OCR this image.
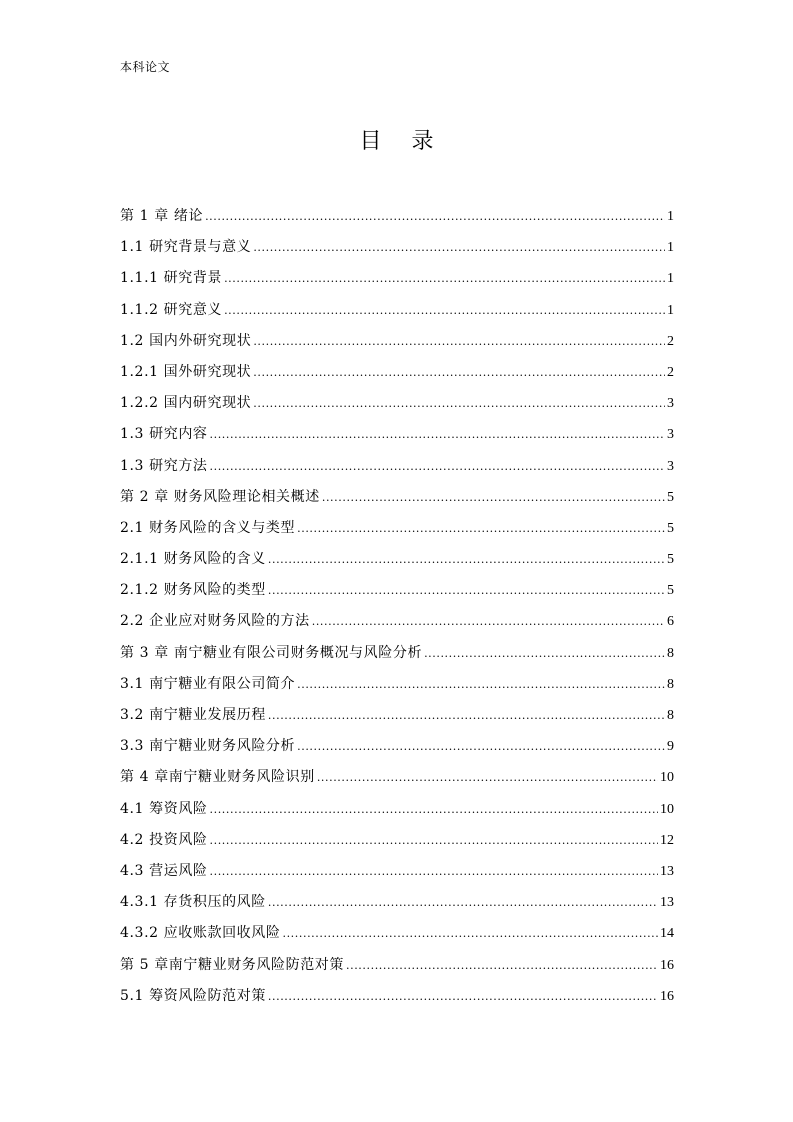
本科论文
目录
第 1 章 绪论 .....	1
1.1 研究背景与意义 .....	1
1.1.1 研究背景 .....	1
1.1.2 研究意义 .....	1
1.2 国内外研究现状 .....	2
1.2.1 国外研究现状 .....	2
1.2.2 国内研究现状 .....	3
1.3 研究内容 .....	3
1.3 研究方法 .....	3
第 2 章 财务风险理论相关概述 .....	5
2.1 财务风险的含义与类型 .....	5
2.1.1 财务风险的含义 .....	5
2.1.2 财务风险的类型 .....	5
2.2 企业应对财务风险的方法 .....	6
第 3 章 南宁糖业有限公司财务概况与风险分析 .....	8
3.1 南宁糖业有限公司简介 .....	8
3.2 南宁糖业发展历程 .....	8
3.3 南宁糖业财务风险分析 .....	9
第 4 章南宁糖业财务风险识别 .....	10
4.1 筹资风险 .....	10
4.2 投资风险 .....	12
4.3 营运风险 .....	13
4.3.1 存货积压的风险 .....	13
4.3.2 应收账款回收风险 .....	14
第 5 章南宁糖业财务风险防范对策 .....	16
5.1 筹资风险防范对策 .....	16
